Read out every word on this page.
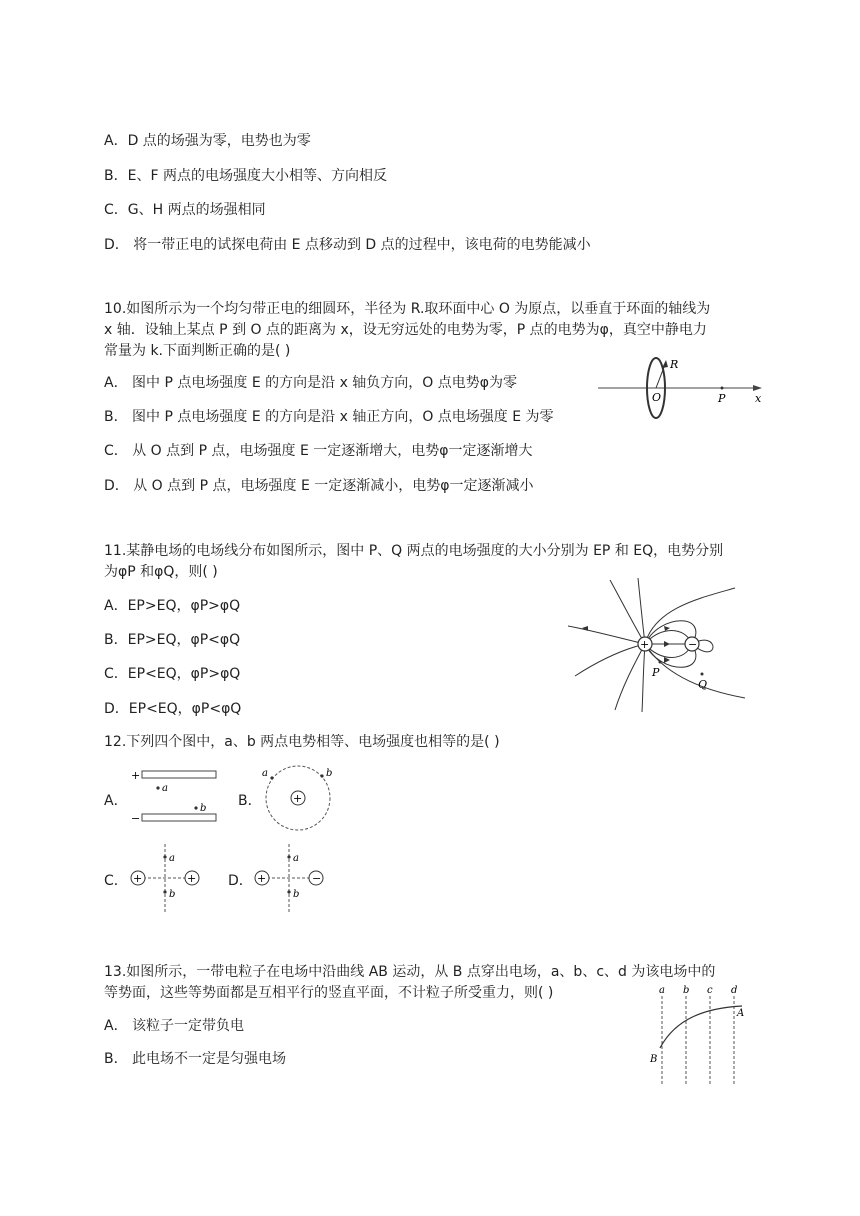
A．D 点的场强为零，电势也为零
B．E、F 两点的电场强度大小相等、方向相反
C．G、H 两点的场强相同
D． 将一带正电的试探电荷由 E 点移动到 D 点的过程中，该电荷的电势能减小
10.如图所示为一个均匀带正电的细圆环，半径为 R.取环面中心 O 为原点，以垂直于环面的轴线为
x 轴．设轴上某点 P 到 O 点的距离为 x，设无穷远处的电势为零，P 点的电势为φ，真空中静电力
常量为 k.下面判断正确的是( )
A． 图中 P 点电场强度 E 的方向是沿 x 轴负方向，O 点电势φ为零
B． 图中 P 点电场强度 E 的方向是沿 x 轴正方向，O 点电场强度 E 为零
C． 从 O 点到 P 点，电场强度 E 一定逐渐增大，电势φ一定逐渐增大
D． 从 O 点到 P 点，电场强度 E 一定逐渐减小，电势φ一定逐渐减小
R
O	P	x
11.某静电场的电场线分布如图所示，图中 P、Q 两点的电场强度的大小分别为 EP 和 EQ，电势分别
为φP 和φQ，则( )
A．EP>EQ，φP>φQ
B．EP>EQ，φP<φQ
C．EP<EQ，φP>φQ
D．EP<EQ，φP<φQ
+	−
P
Q
12.下列四个图中，a、b 两点电势相等、电场强度也相等的是( )
A．
+
−
a
b B．	+
a	b
C． +	+
a
b
D． +	−
a
b
13.如图所示，一带电粒子在电场中沿曲线 AB 运动，从 B 点穿出电场，a、b、c、d 为该电场中的
等势面，这些等势面都是互相平行的竖直平面，不计粒子所受重力，则( )
A． 该粒子一定带负电
B． 此电场不一定是匀强电场
a b c d
A
B
